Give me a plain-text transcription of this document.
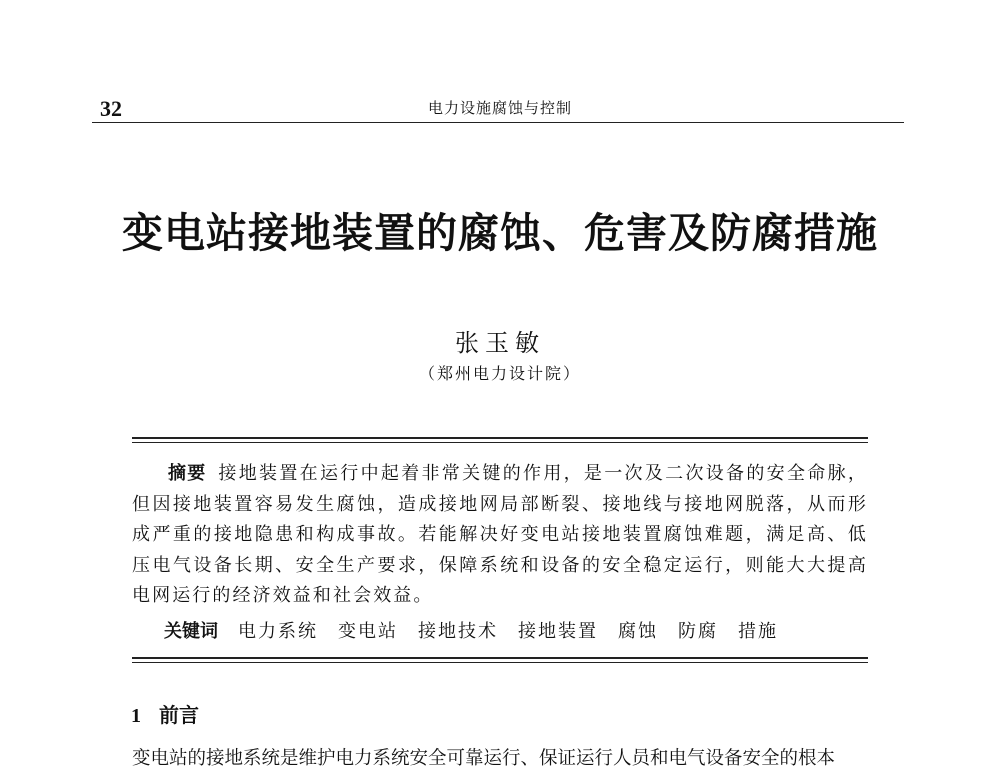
32	电力设施腐蚀与控制
变电站接地装置的腐蚀、危害及防腐措施
张玉敏
（郑州电力设计院）

摘要 接地装置在运行中起着非常关键的作用，是一次及二次设备的安全命脉，但因接地装置容易发生腐蚀，造成接地网局部断裂、接地线与接地网脱落，从而形成严重的接地隐患和构成事故。若能解决好变电站接地装置腐蚀难题，满足高、低压电气设备长期、安全生产要求，保障系统和设备的安全稳定运行，则能大大提高电网运行的经济效益和社会效益。

关键词 电力系统 变电站 接地技术 接地装置 腐蚀 防腐 措施

1 前言

变电站的接地系统是维护电力系统安全可靠运行、保证运行人员和电气设备安全的根本
